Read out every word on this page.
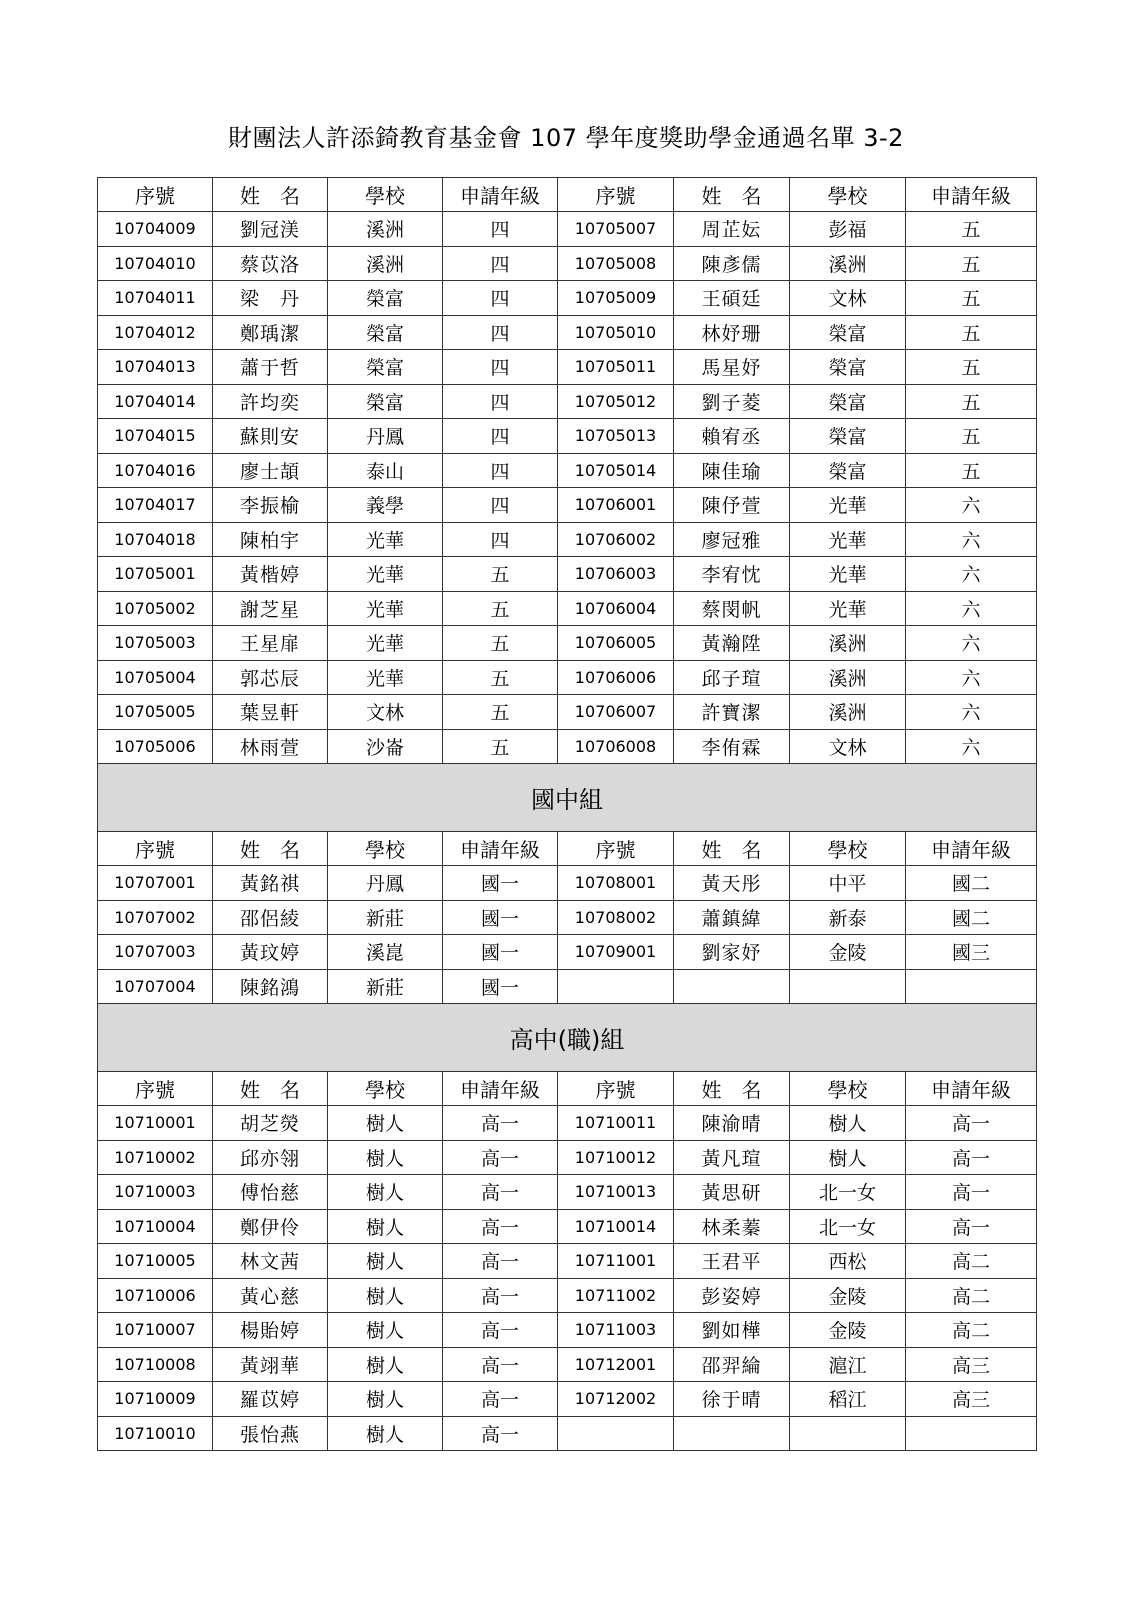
財團法人許添錡教育基金會 107 學年度獎助學金通過名單 3-2
序號	姓　名	學校	申請年級	序號	姓　名	學校	申請年級
10704009	劉冠渼	溪洲	四	10705007	周芷妘	彭福	五
10704010	蔡苡洛	溪洲	四	10705008	陳彥儒	溪洲	五
10704011	梁　丹	榮富	四	10705009	王碩廷	文林	五
10704012	鄭瑀潔	榮富	四	10705010	林妤珊	榮富	五
10704013	蕭于哲	榮富	四	10705011	馬星妤	榮富	五
10704014	許均奕	榮富	四	10705012	劉子菱	榮富	五
10704015	蘇則安	丹鳳	四	10705013	賴宥丞	榮富	五
10704016	廖士頡	泰山	四	10705014	陳佳瑜	榮富	五
10704017	李振榆	義學	四	10706001	陳伃萱	光華	六
10704018	陳柏宇	光華	四	10706002	廖冠雅	光華	六
10705001	黃楷婷	光華	五	10706003	李宥忱	光華	六
10705002	謝芝星	光華	五	10706004	蔡閔帆	光華	六
10705003	王星扉	光華	五	10706005	黃瀚陞	溪洲	六
10705004	郭芯辰	光華	五	10706006	邱子瑄	溪洲	六
10705005	葉昱軒	文林	五	10706007	許寶潔	溪洲	六
10705006	林雨萱	沙崙	五	10706008	李侑霖	文林	六
國中組							
序號	姓　名	學校	申請年級	序號	姓　名	學校	申請年級
10707001	黃銘祺	丹鳳	國一	10708001	黃天彤	中平	國二
10707002	邵侶綾	新莊	國一	10708002	蕭鎮緯	新泰	國二
10707003	黃玟婷	溪崑	國一	10709001	劉家妤	金陵	國三
10707004	陳銘鴻	新莊	國一				
高中(職)組							
序號	姓　名	學校	申請年級	序號	姓　名	學校	申請年級
10710001	胡芝熒	樹人	高一	10710011	陳渝晴	樹人	高一
10710002	邱亦翎	樹人	高一	10710012	黃凡瑄	樹人	高一
10710003	傅怡慈	樹人	高一	10710013	黃思研	北一女	高一
10710004	鄭伊伶	樹人	高一	10710014	林柔蓁	北一女	高一
10710005	林文茜	樹人	高一	10711001	王君平	西松	高二
10710006	黃心慈	樹人	高一	10711002	彭姿婷	金陵	高二
10710007	楊貽婷	樹人	高一	10711003	劉如樺	金陵	高二
10710008	黃翊華	樹人	高一	10712001	邵羿綸	滬江	高三
10710009	羅苡婷	樹人	高一	10712002	徐于晴	稻江	高三
10710010	張怡燕	樹人	高一				
